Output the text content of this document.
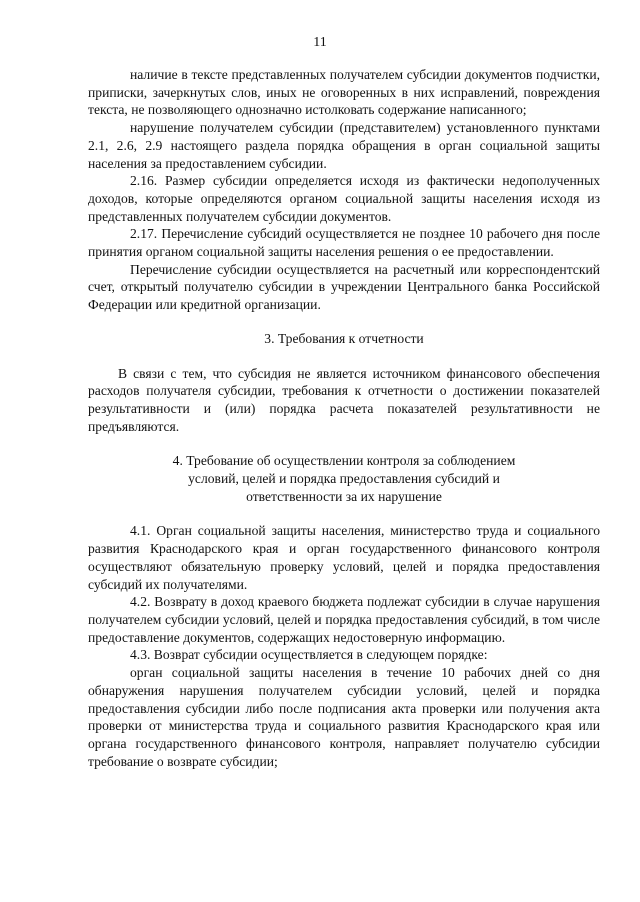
11

наличие в тексте представленных получателем субсидии документов подчистки, приписки, зачеркнутых слов, иных не оговоренных в них исправлений, повреждения текста, не позволяющего однозначно истолковать содержание написанного;

нарушение получателем субсидии (представителем) установленного пунктами 2.1, 2.6, 2.9 настоящего раздела порядка обращения в орган социальной защиты населения за предоставлением субсидии.

2.16. Размер субсидии определяется исходя из фактически недополученных доходов, которые определяются органом социальной защиты населения исходя из представленных получателем субсидии документов.

2.17. Перечисление субсидий осуществляется не позднее 10 рабочего дня после принятия органом социальной защиты населения решения о ее предоставлении.

Перечисление субсидии осуществляется на расчетный или корреспондентский счет, открытый получателю субсидии в учреждении Центрального банка Российской Федерации или кредитной организации.

3. Требования к отчетности

В связи с тем, что субсидия не является источником финансового обеспечения расходов получателя субсидии, требования к отчетности о достижении показателей результативности и (или) порядка расчета показателей результативности не предъявляются.

4. Требование об осуществлении контроля за соблюдением

условий, целей и порядка предоставления субсидий и

ответственности за их нарушение

4.1. Орган социальной защиты населения, министерство труда и социального развития Краснодарского края и орган государственного финансового контроля осуществляют обязательную проверку условий, целей и порядка предоставления субсидий их получателями.

4.2. Возврату в доход краевого бюджета подлежат субсидии в случае нарушения получателем субсидии условий, целей и порядка предоставления субсидий, в том числе предоставление документов, содержащих недостоверную информацию.

4.3. Возврат субсидии осуществляется в следующем порядке:

орган социальной защиты населения в течение 10 рабочих дней со дня обнаружения нарушения получателем субсидии условий, целей и порядка предоставления субсидии либо после подписания акта проверки или получения акта проверки от министерства труда и социального развития Краснодарского края или органа государственного финансового контроля, направляет получателю субсидии требование о возврате субсидии;
